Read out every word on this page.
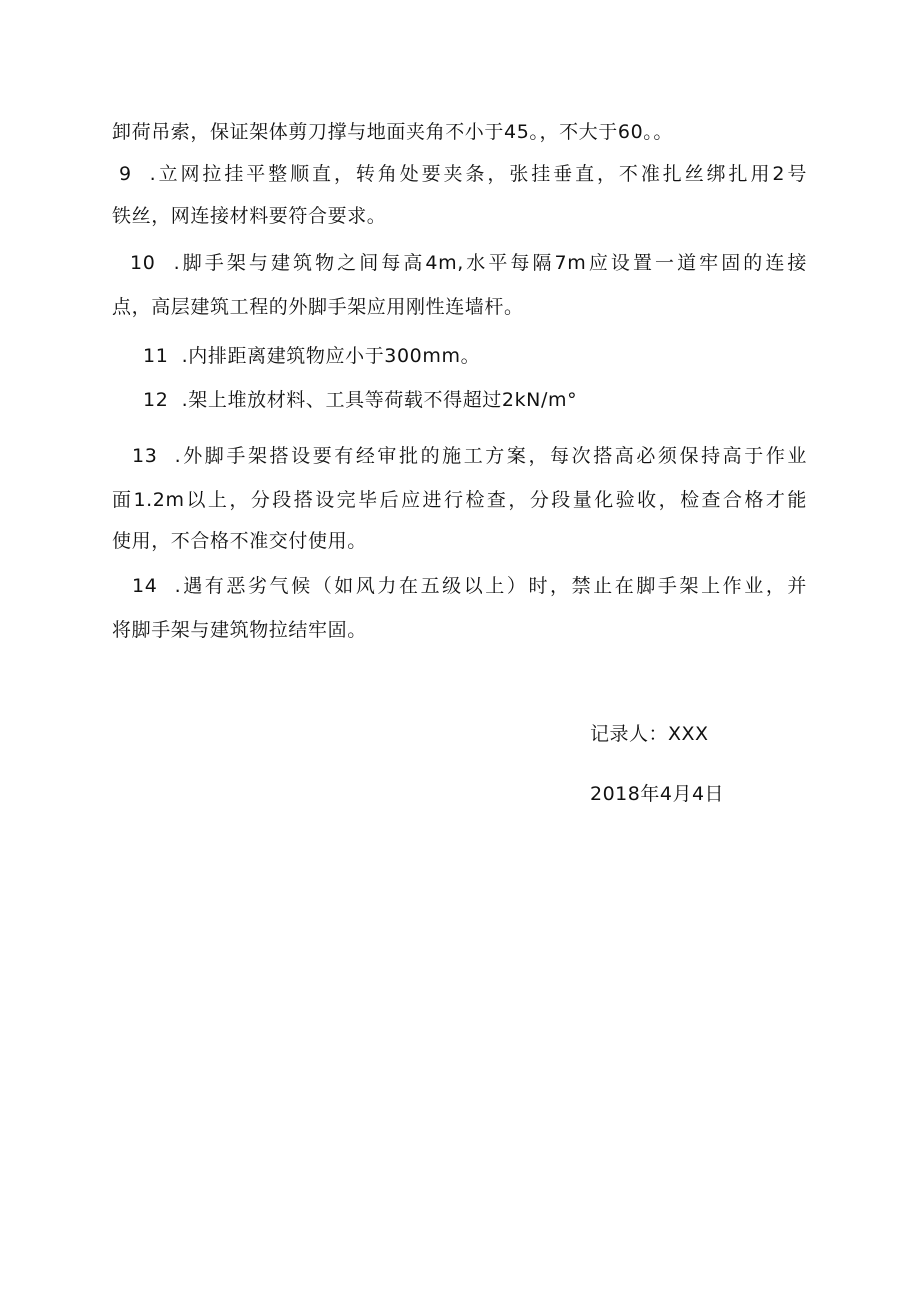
卸荷吊索，保证架体剪刀撑与地面夹角不小于45。，不大于60。。
9  .立网拉挂平整顺直，转角处要夹条，张挂垂直，不准扎丝绑扎用2号
铁丝，网连接材料要符合要求。
10  .脚手架与建筑物之间每高4m,水平每隔7m应设置一道牢固的连接
点，高层建筑工程的外脚手架应用刚性连墙杆。
11  .内排距离建筑物应小于300mm。
12  .架上堆放材料、工具等荷载不得超过2kN∕m°
13  .外脚手架搭设要有经审批的施工方案，每次搭高必须保持高于作业
面1.2m以上，分段搭设完毕后应进行检查，分段量化验收，检查合格才能
使用，不合格不准交付使用。
14  .遇有恶劣气候（如风力在五级以上）时，禁止在脚手架上作业，并
将脚手架与建筑物拉结牢固。
记录人：XXX
2018年4月4日
